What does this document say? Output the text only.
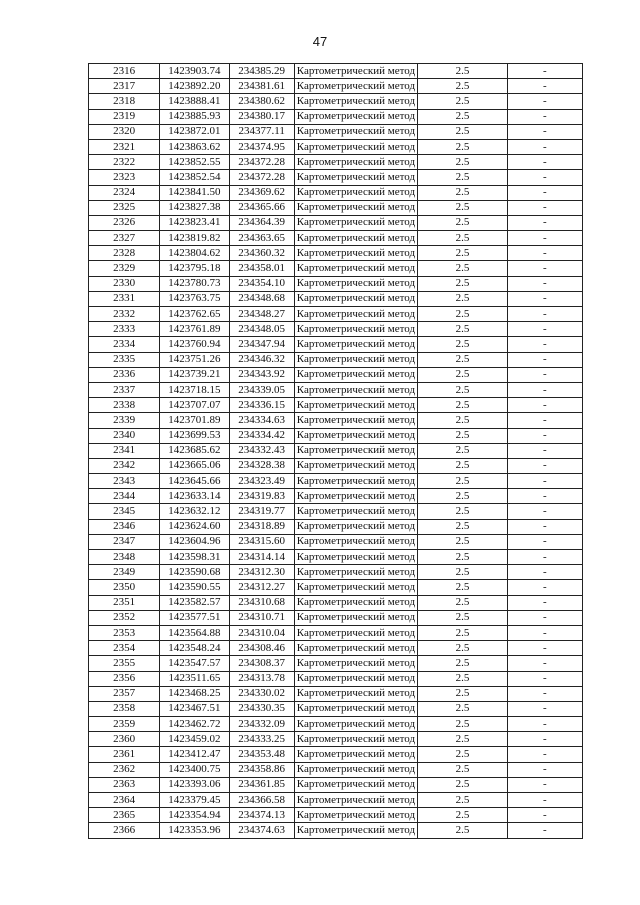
47
2316	1423903.74	234385.29	Картометрический метод	2.5	-
2317	1423892.20	234381.61	Картометрический метод	2.5	-
2318	1423888.41	234380.62	Картометрический метод	2.5	-
2319	1423885.93	234380.17	Картометрический метод	2.5	-
2320	1423872.01	234377.11	Картометрический метод	2.5	-
2321	1423863.62	234374.95	Картометрический метод	2.5	-
2322	1423852.55	234372.28	Картометрический метод	2.5	-
2323	1423852.54	234372.28	Картометрический метод	2.5	-
2324	1423841.50	234369.62	Картометрический метод	2.5	-
2325	1423827.38	234365.66	Картометрический метод	2.5	-
2326	1423823.41	234364.39	Картометрический метод	2.5	-
2327	1423819.82	234363.65	Картометрический метод	2.5	-
2328	1423804.62	234360.32	Картометрический метод	2.5	-
2329	1423795.18	234358.01	Картометрический метод	2.5	-
2330	1423780.73	234354.10	Картометрический метод	2.5	-
2331	1423763.75	234348.68	Картометрический метод	2.5	-
2332	1423762.65	234348.27	Картометрический метод	2.5	-
2333	1423761.89	234348.05	Картометрический метод	2.5	-
2334	1423760.94	234347.94	Картометрический метод	2.5	-
2335	1423751.26	234346.32	Картометрический метод	2.5	-
2336	1423739.21	234343.92	Картометрический метод	2.5	-
2337	1423718.15	234339.05	Картометрический метод	2.5	-
2338	1423707.07	234336.15	Картометрический метод	2.5	-
2339	1423701.89	234334.63	Картометрический метод	2.5	-
2340	1423699.53	234334.42	Картометрический метод	2.5	-
2341	1423685.62	234332.43	Картометрический метод	2.5	-
2342	1423665.06	234328.38	Картометрический метод	2.5	-
2343	1423645.66	234323.49	Картометрический метод	2.5	-
2344	1423633.14	234319.83	Картометрический метод	2.5	-
2345	1423632.12	234319.77	Картометрический метод	2.5	-
2346	1423624.60	234318.89	Картометрический метод	2.5	-
2347	1423604.96	234315.60	Картометрический метод	2.5	-
2348	1423598.31	234314.14	Картометрический метод	2.5	-
2349	1423590.68	234312.30	Картометрический метод	2.5	-
2350	1423590.55	234312.27	Картометрический метод	2.5	-
2351	1423582.57	234310.68	Картометрический метод	2.5	-
2352	1423577.51	234310.71	Картометрический метод	2.5	-
2353	1423564.88	234310.04	Картометрический метод	2.5	-
2354	1423548.24	234308.46	Картометрический метод	2.5	-
2355	1423547.57	234308.37	Картометрический метод	2.5	-
2356	1423511.65	234313.78	Картометрический метод	2.5	-
2357	1423468.25	234330.02	Картометрический метод	2.5	-
2358	1423467.51	234330.35	Картометрический метод	2.5	-
2359	1423462.72	234332.09	Картометрический метод	2.5	-
2360	1423459.02	234333.25	Картометрический метод	2.5	-
2361	1423412.47	234353.48	Картометрический метод	2.5	-
2362	1423400.75	234358.86	Картометрический метод	2.5	-
2363	1423393.06	234361.85	Картометрический метод	2.5	-
2364	1423379.45	234366.58	Картометрический метод	2.5	-
2365	1423354.94	234374.13	Картометрический метод	2.5	-
2366	1423353.96	234374.63	Картометрический метод	2.5	-
